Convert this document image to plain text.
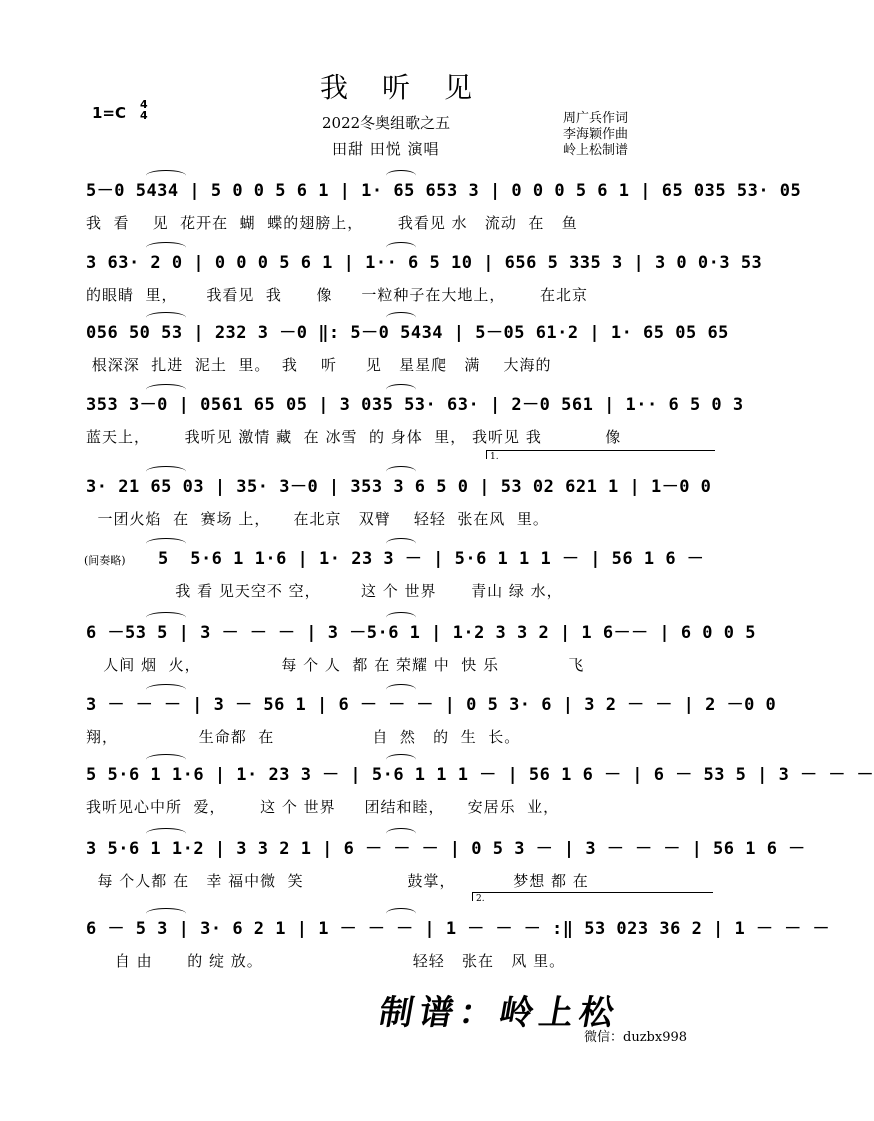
我听见
1=C 4
4	2022冬奥组歌之五
田甜 田悦 演唱
周广兵作词
李海颖作曲
岭上松制谱
5－0 5434 | 5 0 0 5 6 1 | 1· 65 653 3 | 0 0 0 5 6 1 | 65 035 53· 05
我  看    见  花开在  蝴  蝶的翅膀上，      我看见 水   流动  在   鱼
3 63· 2 0 | 0 0 0 5 6 1 | 1·· 6 5 10 | 656 5 335 3 | 3 0 0·3 53
的眼睛  里，     我看见  我      像     一粒种子在大地上，      在北京
056 50 53 | 232 3 －0 ‖: 5－0 5434 | 5－05 61·2 | 1· 65 05 65
根深深  扎进  泥土  里。  我    听     见   星星爬   满    大海的
353 3－0 | 0561 65 05 | 3 035 53· 63· | 2－0 561 | 1·· 6 5 0 3
蓝天上，      我听见 激情 藏  在 冰雪  的 身体  里， 我听见 我           像
3· 21 65 03 | 35· 3－0 | 353 3 6 5 0 | 53 02 621 1 | 1－0 0
一团火焰  在  赛场 上，    在北京   双臂    轻轻  张在风  里。
5  5·6 1 1·6 | 1· 23 3 － | 5·6 1 1 1 － | 56 1 6 －
我 看 见天空不 空，       这 个 世界      青山 绿 水，
(间奏略)
6 －53 5 | 3 － － － | 3 －5·6 1 | 1·2 3 3 2 | 1 6－－ | 6 0 0 5
人间 烟  火，              每 个 人  都 在 荣耀 中  快 乐            飞
3 － － － | 3 － 56 1 | 6 － － － | 0 5 3· 6 | 3 2 － － | 2 －0 0
翔，              生命都  在                 自  然   的  生  长。
5 5·6 1 1·6 | 1· 23 3 － | 5·6 1 1 1 － | 56 1 6 － | 6 － 53 5 | 3 － － －
我听见心中所  爱，      这 个 世界     团结和睦，    安居乐  业，
3 5·6 1 1·2 | 3 3 2 1 | 6 － － － | 0 5 3 － | 3 － － － | 56 1 6 －
每 个人都 在   幸 福中微  笑                  鼓掌，          梦想 都 在
6 － 5 3 | 3· 6 2 1 | 1 － － － | 1 － － － :‖ 53 023 36 2 | 1 － － －
自 由      的 绽 放。                          轻轻   张在   风 里。
1.
2.
制谱：岭上松
微信：duzbx998
